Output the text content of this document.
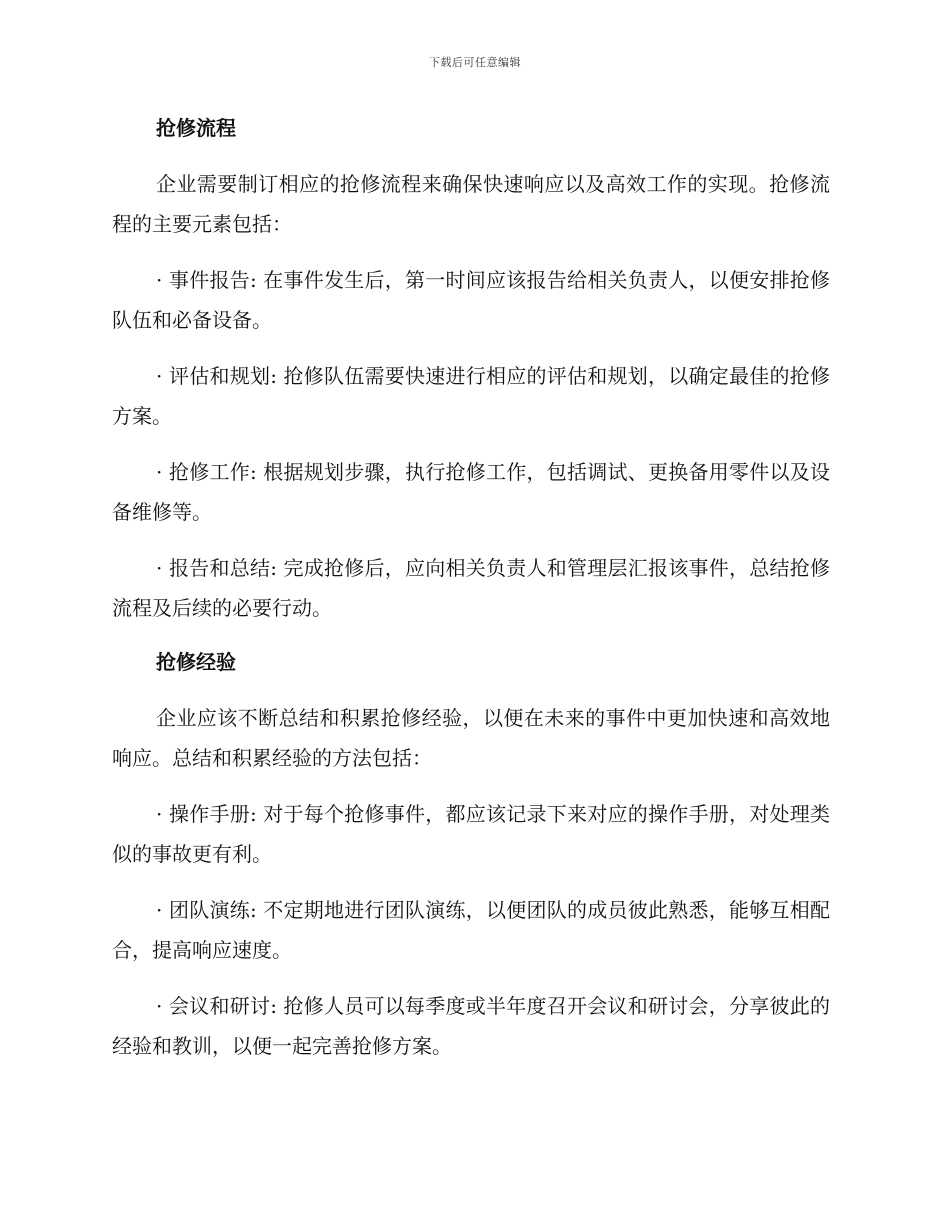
下载后可任意编辑
抢修流程

企业需要制订相应的抢修流程来确保快速响应以及高效工作的实现。抢修流程的主要元素包括：

· 事件报告: 在事件发生后，第一时间应该报告给相关负责人，以便安排抢修队伍和必备设备。

· 评估和规划: 抢修队伍需要快速进行相应的评估和规划，以确定最佳的抢修方案。

· 抢修工作: 根据规划步骤，执行抢修工作，包括调试、更换备用零件以及设备维修等。

· 报告和总结: 完成抢修后，应向相关负责人和管理层汇报该事件，总结抢修流程及后续的必要行动。

抢修经验

企业应该不断总结和积累抢修经验，以便在未来的事件中更加快速和高效地响应。总结和积累经验的方法包括：

· 操作手册: 对于每个抢修事件，都应该记录下来对应的操作手册，对处理类似的事故更有利。

· 团队演练: 不定期地进行团队演练，以便团队的成员彼此熟悉，能够互相配合，提高响应速度。

· 会议和研讨: 抢修人员可以每季度或半年度召开会议和研讨会，分享彼此的经验和教训，以便一起完善抢修方案。
